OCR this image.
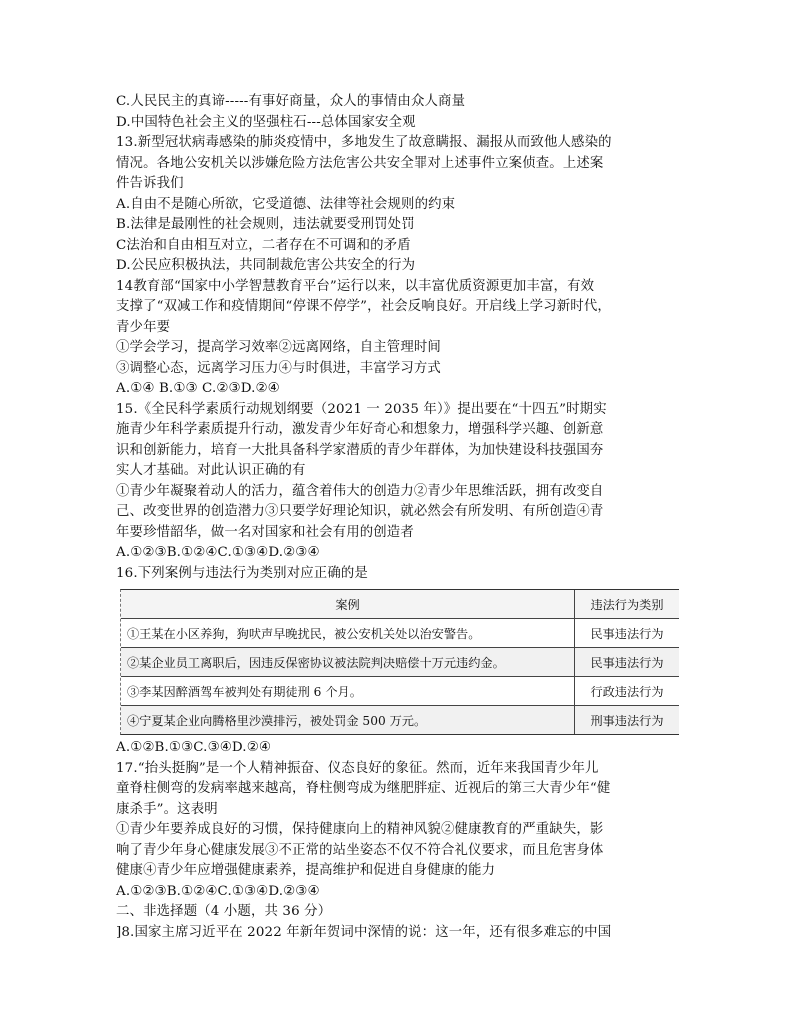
C.人民民主的真谛-----有事好商量，众人的事情由众人商量
D.中国特色社会主义的坚强柱石---总体国家安全观
13.新型冠状病毒感染的肺炎疫情中，多地发生了故意瞒报、漏报从而致他人感染的
情况。各地公安机关以涉嫌危险方法危害公共安全罪对上述事件立案侦查。上述案
件告诉我们
A.自由不是随心所欲，它受道德、法律等社会规则的约束
B.法律是最刚性的社会规则，违法就要受刑罚处罚
C法治和自由相互对立，二者存在不可调和的矛盾
D.公民应积极执法，共同制裁危害公共安全的行为
14教育部“国家中小学智慧教育平台”运行以来，以丰富优质资源更加丰富，有效
支撑了“双减工作和疫情期间“停课不停学”，社会反响良好。开启线上学习新时代，
青少年要
①学会学习，提高学习效率②远离网络，自主管理时间
③调整心态，远离学习压力④与时俱进，丰富学习方式
A.①④ B.①③ C.②③D.②④
15.《全民科学素质行动规划纲要（2021 一 2035 年）》提出要在“十四五”时期实
施青少年科学素质提升行动，激发青少年好奇心和想象力，增强科学兴趣、创新意
识和创新能力，培育一大批具备科学家潜质的青少年群体，为加快建设科技强国夯
实人才基础。对此认识正确的有
①青少年凝聚着动人的活力，蕴含着伟大的创造力②青少年思维活跃，拥有改变自
己、改变世界的创造潜力③只要学好理论知识，就必然会有所发明、有所创造④青
年要珍惜韶华，做一名对国家和社会有用的创造者
A.①②③B.①②④C.①③④D.②③④
16.下列案例与违法行为类别对应正确的是
案例	违法行为类别
①王某在小区养狗，狗吠声早晚扰民，被公安机关处以治安警告。	民事违法行为
②某企业员工离职后，因违反保密协议被法院判决赔偿十万元违约金。	民事违法行为
③李某因醉酒驾车被判处有期徒刑 6 个月。	行政违法行为
④宁夏某企业向腾格里沙漠排污，被处罚金 500 万元。	刑事违法行为
A.①②B.①③C.③④D.②④
17.“抬头挺胸”是一个人精神振奋、仪态良好的象征。然而，近年来我国青少年儿
童脊柱侧弯的发病率越来越高，脊柱侧弯成为继肥胖症、近视后的第三大青少年“健
康杀手”。这表明
①青少年要养成良好的习惯，保持健康向上的精神风貌②健康教育的严重缺失，影
响了青少年身心健康发展③不正常的站坐姿态不仅不符合礼仪要求，而且危害身体
健康④青少年应增强健康素养，提高维护和促进自身健康的能力
A.①②③B.①②④C.①③④D.②③④
二、非选择题（4 小题，共 36 分）
]8.国家主席习近平在 2022 年新年贺词中深情的说：这一年，还有很多难忘的中国
